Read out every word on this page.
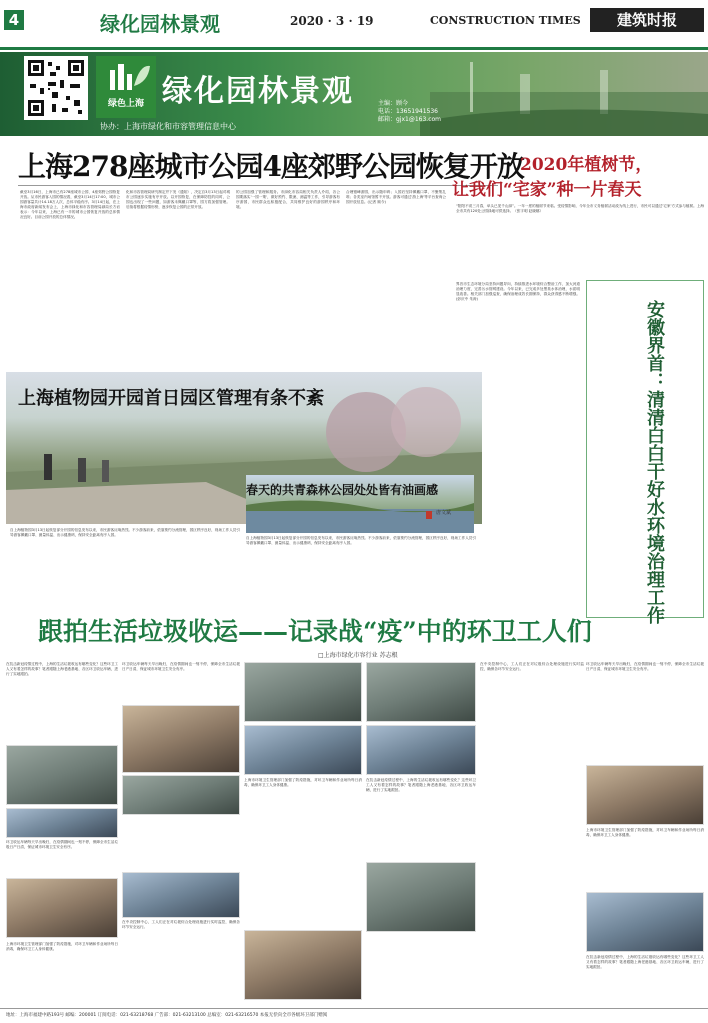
4	绿化园林景观	2020 · 3 · 19	CONSTRUCTION TIMES	建筑时报
绿色上海 绿化园林景观
协办：上海市绿化和市容管理信息中心
主编：顾今
电话：13651941536
邮箱：gjx1@163.com
上海278座城市公园4座郊野公园恢复开放
截至3月16日，上海市已有278座城市公园、4座郊野公园恢复开放。从市民游客入园的情况看，截至3月14日17:00，城市公园游客量共计14.18万人次，总体平稳有序。3月14日起，在上海市政府新闻发布会上，上海市绿化和市容管理局副局长方岩表示：今年以来，上海已有一半的城市公园恢复开放的总体情况良好。目前公园开放的总体情况。
化和市容管理局研究制定并下发《通知》，决定自3月13日起对城市公园逐步实施有序开放。以开园恢复，在保障防控的同时，公园也出现了一些问题，如游客未佩戴口罩等，园方将加强管理。后续将根据疫情形势，逐步恢复公园的正常开放。
的公园加强了管理和服务。市绿化市容局相关负责人介绍，各公园要落实'一园一策'，做好预约、限流、测温等工作，引导游客有序游园，市民群众也积极配合，共同维护良好的游园秩序和环境。
合理错峰游园，出示随申码；入园后坚持佩戴口罩，不聚集扎堆；各类室内场馆暂不开放。游客可通过'游上海'等平台查询公园开放信息。(记者 顾今)
2020年植树节，
让我们“宅家”种一片春天
“阳阳不误三月春，举头已见千山绿”。一年一度的植树节来临。受疫情影响，今年全市义务植树活动改为线上进行，市民可以通过'宅家'方式参与植树。上海全市共有120处公园绿地可供选择。（张宇明 赵晓娜）
安徽界首：清清白白干好水环境治理工作
界首市生态环境分局坚持问题导向，持续推进水环境综合整治工作，加大河道治理力度，完善污水管网建设。今年以来，已完成多处黑臭水体治理，水质明显改善。相关部门加强巡查，确保治理成效长期保持，群众获得感不断增强。(彭庆中 朱涛)
上海植物园开园首日园区管理有条不紊
自上海植物园3月13日起恢复部分开园的信息发布以来，市民游客反响热烈。不少游客前来，依靠预约分流管理，园区秩序良好，现场工作人员引导游客佩戴口罩、测量体温、出示健康码，保持安全距离有序入园。
春天的共青森林公园处处皆有油画感
唐文斌
自上海植物园3月13日起恢复部分开园的信息发布以来，市民游客反响热烈。不少游客前来，依靠预约分流管理，园区秩序良好，现场工作人员引导游客佩戴口罩、测量体温、出示健康码，保持安全距离有序入园。
跟拍生活垃圾收运——记录战“疫”中的环卫工人们
□上海市绿化市容行业 苏志根
在抗击新冠疫情过程中，上海的生活垃圾收运有哪些变化？这些环卫工人又有着怎样的故事？笔者跟随上海老港基地、各区环卫收运车辆，进行了实地跟拍。
环卫收运车辆每天早出晚归，在疫情期间也一刻不停，保障全市生活垃圾日产日清，保证城市环境卫生安全有序。
上海市环境卫生管理部门加强了防疫措施，对环卫车辆和作业场所每日消毒，确保环卫工人身体健康。
环卫收运车辆每天早出晚归，在疫情期间也一刻不停，保障全市生活垃圾日产日清，保证城市环境卫生安全有序。
在中央控制中心，工人们正在对垃圾综合处理设施进行实时监控，确保各环节安全运行。
上海市环境卫生管理部门加强了防疫措施，对环卫车辆和作业场所每日消毒，确保环卫工人身体健康。
在抗击新冠疫情过程中，上海的生活垃圾收运有哪些变化？这些环卫工人又有着怎样的故事？笔者跟随上海老港基地、各区环卫收运车辆，进行了实地跟拍。
在中央控制中心，工人们正在对垃圾综合处理设施进行实时监控，确保各环节安全运行。
环卫收运车辆每天早出晚归，在疫情期间也一刻不停，保障全市生活垃圾日产日清，保证城市环境卫生安全有序。
上海市环境卫生管理部门加强了防疫措施，对环卫车辆和作业场所每日消毒，确保环卫工人身体健康。
在抗击新冠疫情过程中，上海的生活垃圾收运有哪些变化？这些环卫工人又有着怎样的故事？笔者跟随上海老港基地、各区环卫收运车辆，进行了实地跟拍。
地址：上海市福建中路193号 邮编：200001 订阅电话：021-63218768 广告部：021-63213100 总编室：021-63216570 本报无偿向全市各级环卫部门赠阅
